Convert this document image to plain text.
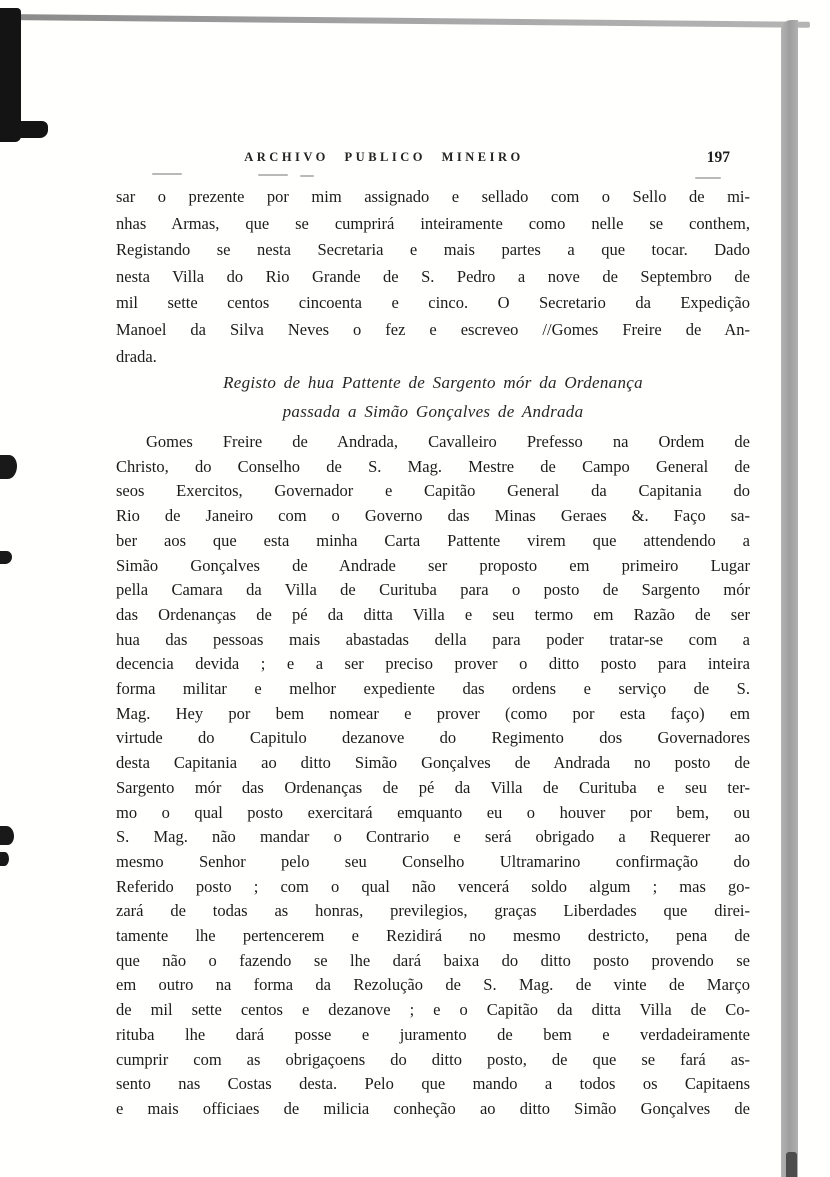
ARCHIVO PUBLICO MINEIRO	197
sar o prezente por mim assignado e sellado com o Sello de mi-
nhas Armas, que se cumprirá inteiramente como nelle se conthem,
Registando se nesta Secretaria e mais partes a que tocar. Dado
nesta Villa do Rio Grande de S. Pedro a nove de Septembro de
mil sette centos cincoenta e cinco. O Secretario da Expedição
Manoel da Silva Neves o fez e escreveo //Gomes Freire de An-
drada.
Registo de hua Pattente de Sargento mór da Ordenança
passada a Simão Gonçalves de Andrada
Gomes Freire de Andrada, Cavalleiro Prefesso na Ordem de
Christo, do Conselho de S. Mag. Mestre de Campo General de
seos Exercitos, Governador e Capitão General da Capitania do
Rio de Janeiro com o Governo das Minas Geraes &. Faço sa-
ber aos que esta minha Carta Pattente virem que attendendo a
Simão Gonçalves de Andrade ser proposto em primeiro Lugar
pella Camara da Villa de Curituba para o posto de Sargento mór
das Ordenanças de pé da ditta Villa e seu termo em Razão de ser
hua das pessoas mais abastadas della para poder tratar-se com a
decencia devida ; e a ser preciso prover o ditto posto para inteira
forma militar e melhor expediente das ordens e serviço de S.
Mag. Hey por bem nomear e prover (como por esta faço) em
virtude do Capitulo dezanove do Regimento dos Governadores
desta Capitania ao ditto Simão Gonçalves de Andrada no posto de
Sargento mór das Ordenanças de pé da Villa de Curituba e seu ter-
mo o qual posto exercitará emquanto eu o houver por bem, ou
S. Mag. não mandar o Contrario e será obrigado a Requerer ao
mesmo Senhor pelo seu Conselho Ultramarino confirmação do
Referido posto ; com o qual não vencerá soldo algum ; mas go-
zará de todas as honras, previlegios, graças Liberdades que direi-
tamente lhe pertencerem e Rezidirá no mesmo destricto, pena de
que não o fazendo se lhe dará baixa do ditto posto provendo se
em outro na forma da Rezolução de S. Mag. de vinte de Março
de mil sette centos e dezanove ; e o Capitão da ditta Villa de Co-
rituba lhe dará posse e juramento de bem e verdadeiramente
cumprir com as obrigaçoens do ditto posto, de que se fará as-
sento nas Costas desta. Pelo que mando a todos os Capitaens
e mais officiaes de milicia conheção ao ditto Simão Gonçalves de
